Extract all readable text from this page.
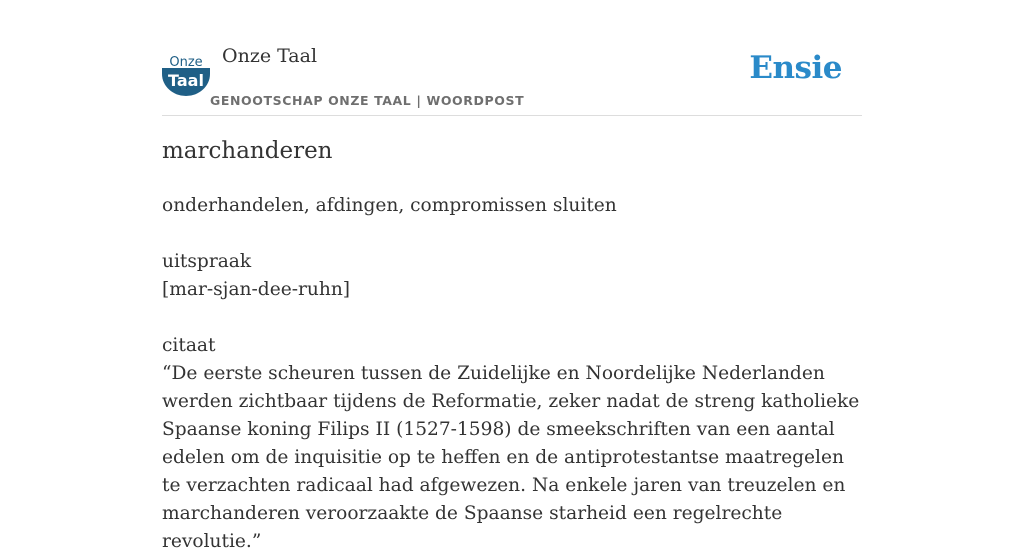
Onze
Taal
Onze Taal
GENOOTSCHAP ONZE TAAL | WOORDPOST
Ensie
marchanderen

onderhandelen, afdingen, compromissen sluiten

uitspraak

[mar-sjan-dee-ruhn]

citaat

“De eerste scheuren tussen de Zuidelijke en Noordelijke Nederlanden werden zichtbaar tijdens de Reformatie, zeker nadat de streng katholieke Spaanse koning Filips II (1527-1598) de smeekschriften van een aantal edelen om de inquisitie op te heffen en de antiprotestantse maatregelen te verzachten radicaal had afgewezen. Na enkele jaren van treuzelen en marchanderen veroorzaakte de Spaanse starheid een regelrechte revolutie.”
